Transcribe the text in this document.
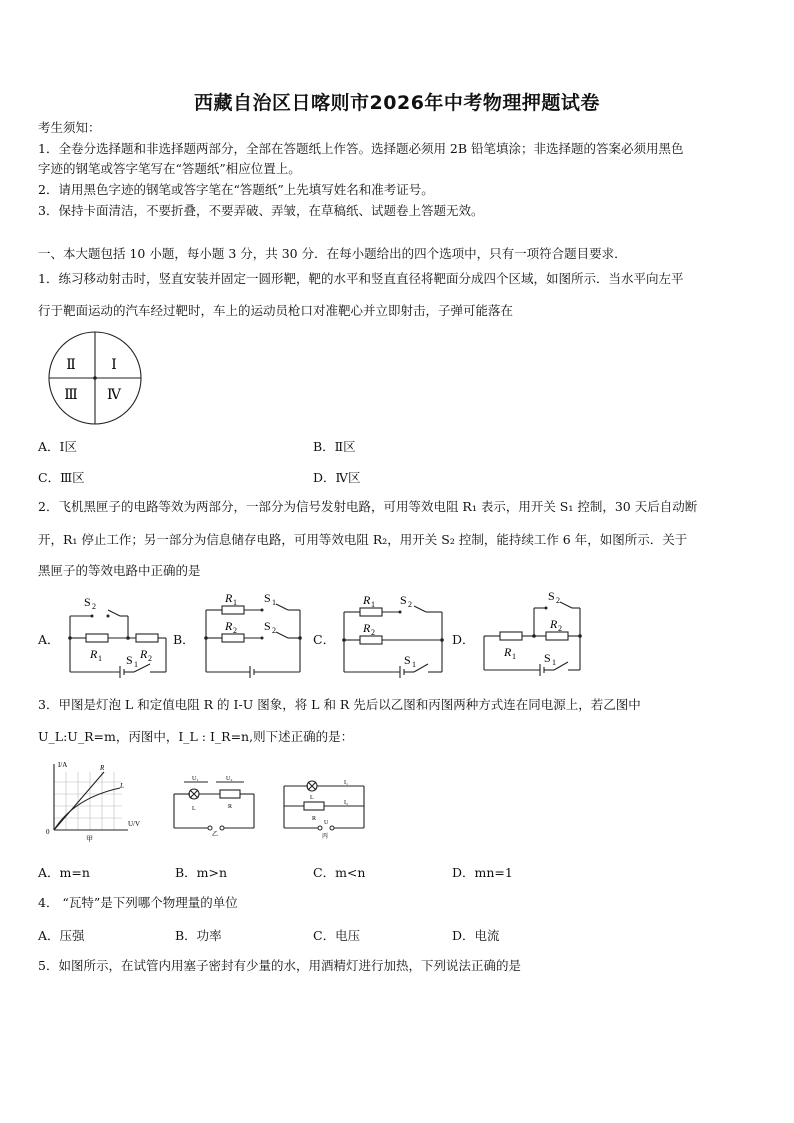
西藏自治区日喀则市2026年中考物理押题试卷
考生须知：
1．全卷分选择题和非选择题两部分，全部在答题纸上作答。选择题必须用 2B 铅笔填涂；非选择题的答案必须用黑色
字迹的钢笔或答字笔写在“答题纸”相应位置上。
2．请用黑色字迹的钢笔或答字笔在“答题纸”上先填写姓名和准考证号。
3．保持卡面清洁，不要折叠，不要弄破、弄皱，在草稿纸、试题卷上答题无效。
一、本大题包括 10 小题，每小题 3 分，共 30 分．在每小题给出的四个选项中，只有一项符合题目要求．
1．练习移动射击时，竖直安装并固定一圆形靶，靶的水平和竖直直径将靶面分成四个区域，如图所示．当水平向左平
行于靶面运动的汽车经过靶时，车上的运动员枪口对准靶心并立即射击，子弹可能落在
Ⅱ	Ⅰ
Ⅲ Ⅳ
A．Ⅰ区	B．Ⅱ区
C．Ⅲ区	D．Ⅳ区
2．飞机黑匣子的电路等效为两部分，一部分为信号发射电路，可用等效电阻 R₁ 表示，用开关 S₁ 控制，30 天后自动断
开，R₁ 停止工作；另一部分为信息储存电路，可用等效电阻 R₂，用开关 S₂ 控制，能持续工作 6 年，如图所示．关于
黑匣子的等效电路中正确的是
A．	B．	C．	D．
S 2
R 1 S 1
R 2
R 1 S 1
R 2 S 2
R 1 S 2
R 2
S 1
S 2
R 2
R 1 S 1
3．甲图是灯泡 L 和定值电阻 R 的 I-U 图象，将 L 和 R 先后以乙图和丙图两种方式连在同电源上，若乙图中
U_L:U_R=m，丙图中，I_L : I_R=n,则下述正确的是：
I/A
U/V
0
R
L
甲
U₁	U₂
L	R
乙
L
R
I₁
I₂
U
丙
A．m=n	B．m>n	C．m<n	D．mn=1
4． “瓦特”是下列哪个物理量的单位
A．压强	B．功率	C．电压	D．电流
5．如图所示，在试管内用塞子密封有少量的水，用酒精灯进行加热，下列说法正确的是
